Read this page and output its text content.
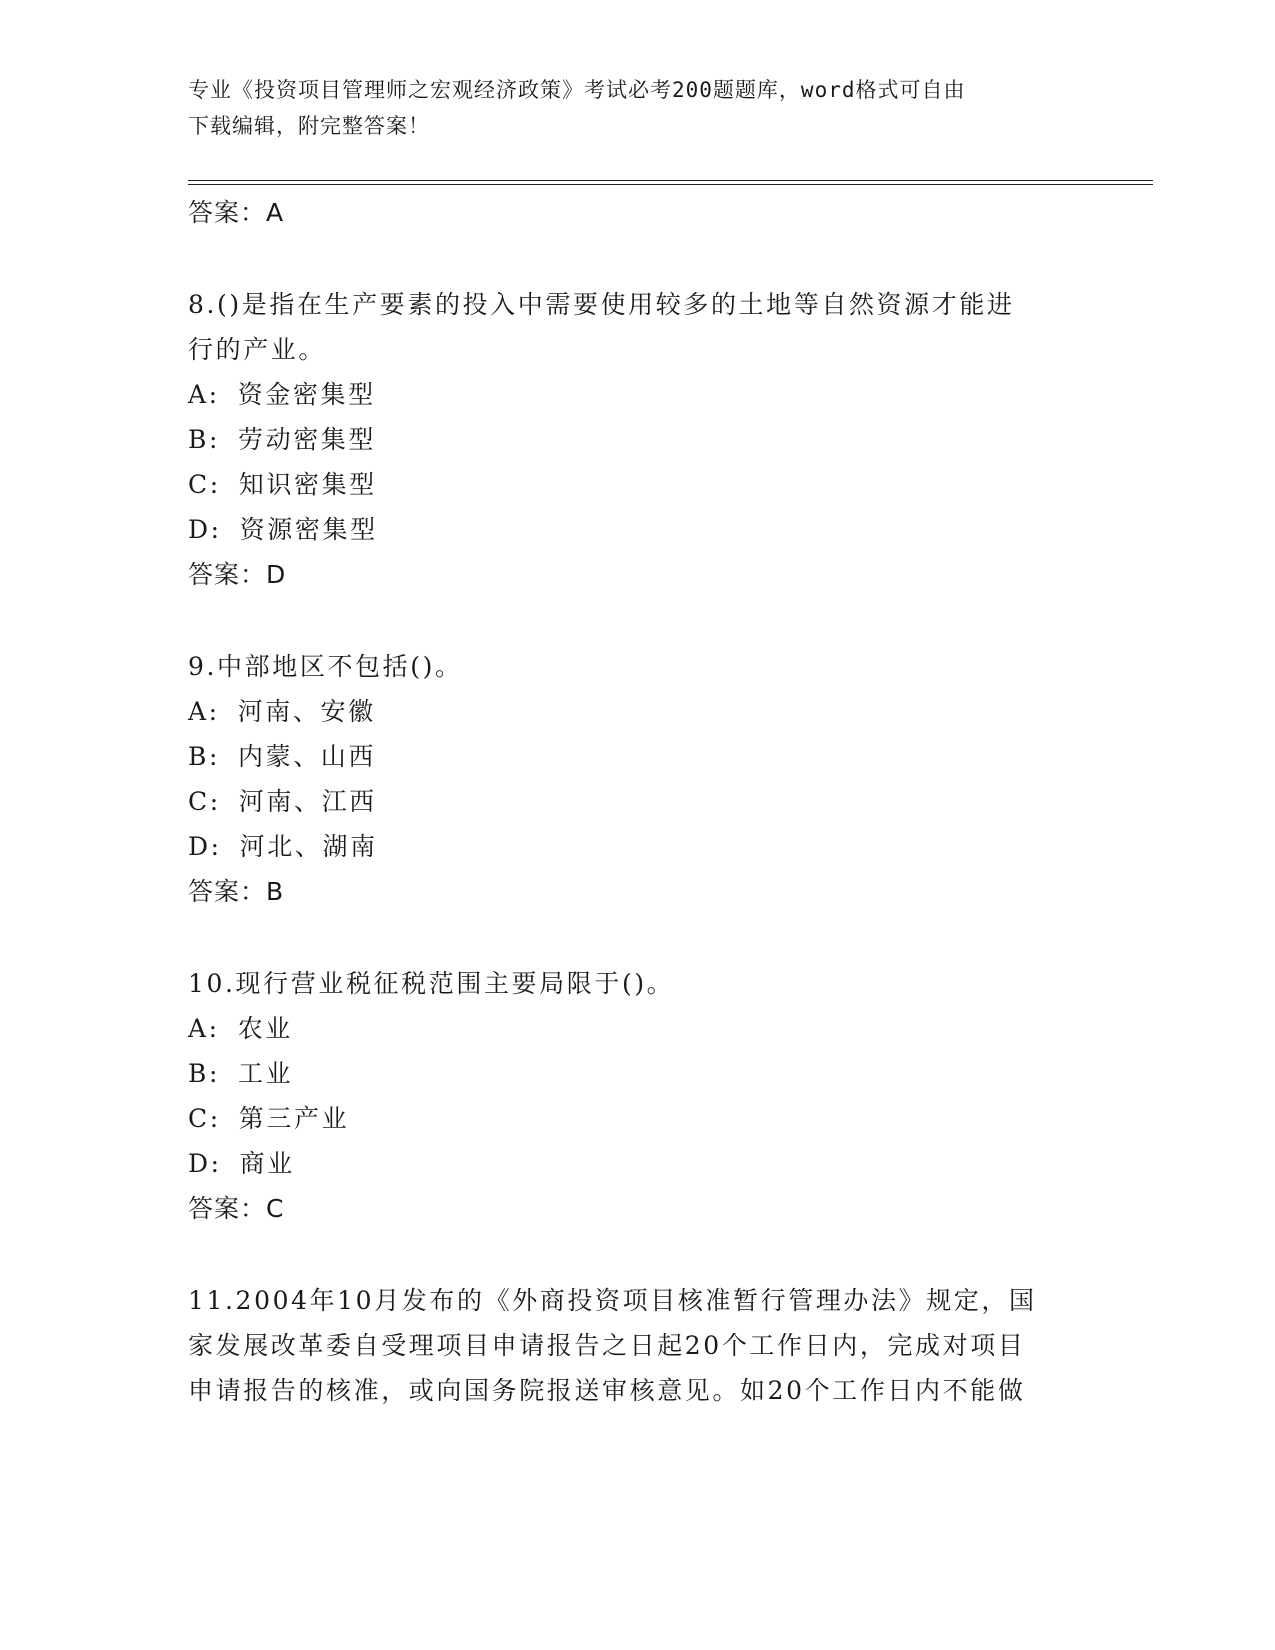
专业《投资项目管理师之宏观经济政策》考试必考200题题库，word格式可自由
下载编辑，附完整答案！
答案：A
8.()是指在生产要素的投入中需要使用较多的土地等自然资源才能进
行的产业。
A: 资金密集型
B: 劳动密集型
C: 知识密集型
D: 资源密集型
答案：D
9.中部地区不包括()。
A: 河南、安徽
B: 内蒙、山西
C: 河南、江西
D: 河北、湖南
答案：B
10.现行营业税征税范围主要局限于()。
A: 农业
B: 工业
C: 第三产业
D: 商业
答案：C
11.2004年10月发布的《外商投资项目核准暂行管理办法》规定，国
家发展改革委自受理项目申请报告之日起20个工作日内，完成对项目
申请报告的核准，或向国务院报送审核意见。如20个工作日内不能做
